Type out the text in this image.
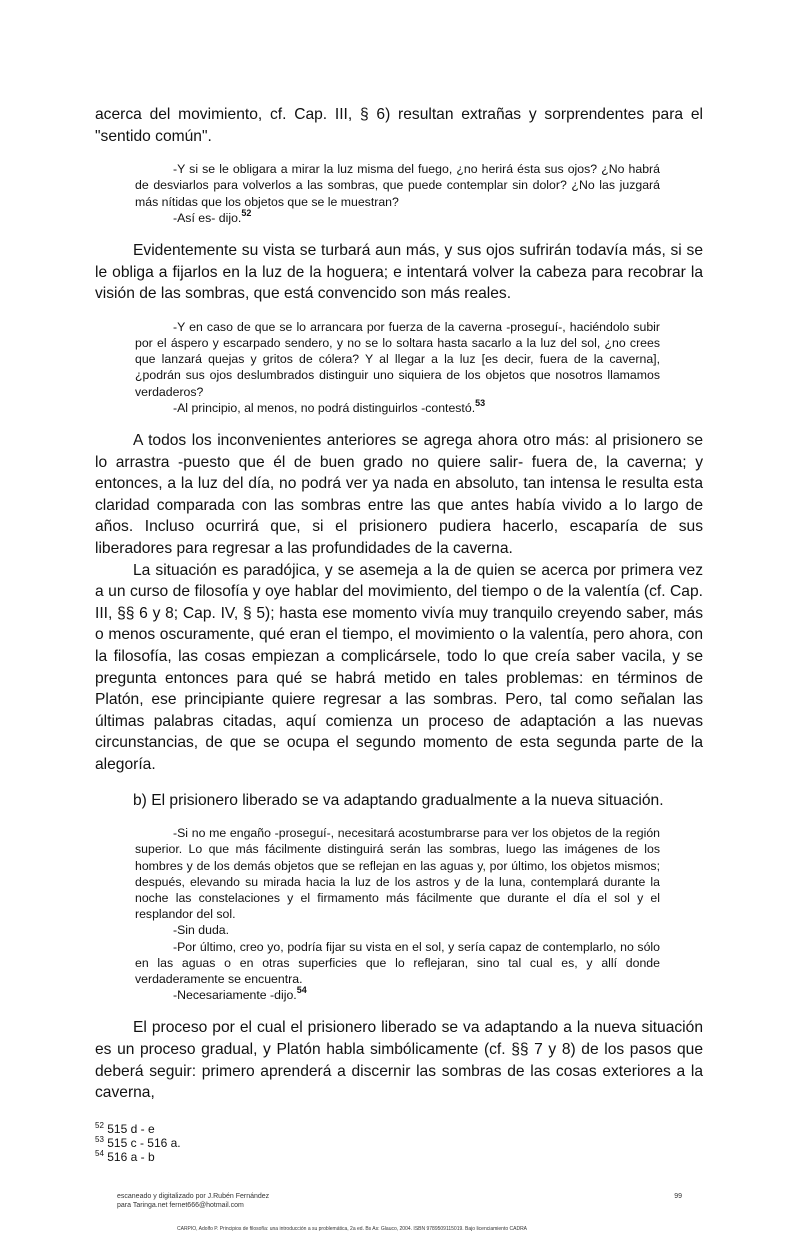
acerca del movimiento, cf. Cap. III, § 6) resultan extrañas y sorprendentes para el "sentido común".

-Y si se le obligara a mirar la luz misma del fuego, ¿no herirá ésta sus ojos? ¿No habrá de desviarlos para volverlos a las sombras, que puede contemplar sin dolor? ¿No las juzgará más nítidas que los objetos que se le muestran?
-Así es- dijo.$^{52}$

Evidentemente su vista se turbará aun más, y sus ojos sufrirán todavía más, si se le obliga a fijarlos en la luz de la hoguera; e intentará volver la cabeza para recobrar la visión de las sombras, que está convencido son más reales.

-Y en caso de que se lo arrancara por fuerza de la caverna -proseguí-, haciéndolo subir por el áspero y escarpado sendero, y no se lo soltara hasta sacarlo a la luz del sol, ¿no crees que lanzará quejas y gritos de cólera? Y al llegar a la luz [es decir, fuera de la caverna], ¿podrán sus ojos deslumbrados distinguir uno siquiera de los objetos que nosotros llamamos verdaderos?
-Al principio, al menos, no podrá distinguirlos -contestó.$^{53}$

A todos los inconvenientes anteriores se agrega ahora otro más: al prisionero se lo arrastra -puesto que él de buen grado no quiere salir- fuera de, la caverna; y entonces, a la luz del día, no podrá ver ya nada en absoluto, tan intensa le resulta esta claridad comparada con las sombras entre las que antes había vivido a lo largo de años. Incluso ocurrirá que, si el prisionero pudiera hacerlo, escaparía de sus liberadores para regresar a las profundidades de la caverna.

La situación es paradójica, y se asemeja a la de quien se acerca por primera vez a un curso de filosofía y oye hablar del movimiento, del tiempo o de la valentía (cf. Cap. III, §§ 6 y 8; Cap. IV, § 5); hasta ese momento vivía muy tranquilo creyendo saber, más o menos oscuramente, qué eran el tiempo, el movimiento o la valentía, pero ahora, con la filosofía, las cosas empiezan a complicársele, todo lo que creía saber vacila, y se pregunta entonces para qué se habrá metido en tales problemas: en términos de Platón, ese principiante quiere regresar a las sombras. Pero, tal como señalan las últimas palabras citadas, aquí comienza un proceso de adaptación a las nuevas circunstancias, de que se ocupa el segundo momento de esta segunda parte de la alegoría.

b) El prisionero liberado se va adaptando gradualmente a la nueva situación.

-Si no me engaño -proseguí-, necesitará acostumbrarse para ver los objetos de la región superior. Lo que más fácilmente distinguirá serán las sombras, luego las imágenes de los hombres y de los demás objetos que se reflejan en las aguas y, por último, los objetos mismos; después, elevando su mirada hacia la luz de los astros y de la luna, contemplará durante la noche las constelaciones y el firmamento más fácilmente que durante el día el sol y el resplandor del sol.
-Sin duda.
-Por último, creo yo, podría fijar su vista en el sol, y sería capaz de contemplarlo, no sólo en las aguas o en otras superficies que lo reflejaran, sino tal cual es, y allí donde verdaderamente se encuentra.
-Necesariamente -dijo.$^{54}$

El proceso por el cual el prisionero liberado se va adaptando a la nueva situación es un proceso gradual, y Platón habla simbólicamente (cf. §§ 7 y 8) de los pasos que deberá seguir: primero aprenderá a discernir las sombras de las cosas exteriores a la caverna,

$^{52}$ 515 d - e
$^{53}$ 515 c - 516 a.
$^{54}$ 516 a - b
escaneado y digitalizado por J.Rubén Fernández
para Taringa.net fernet666@hotmail.com
99
CARPIO, Adolfo P. Principios de filosofía: una introducción a su problemática, 2a ed. Bs As: Glauco, 2004. ISBN 9789509115019. Bajo licenciamiento CADRA
